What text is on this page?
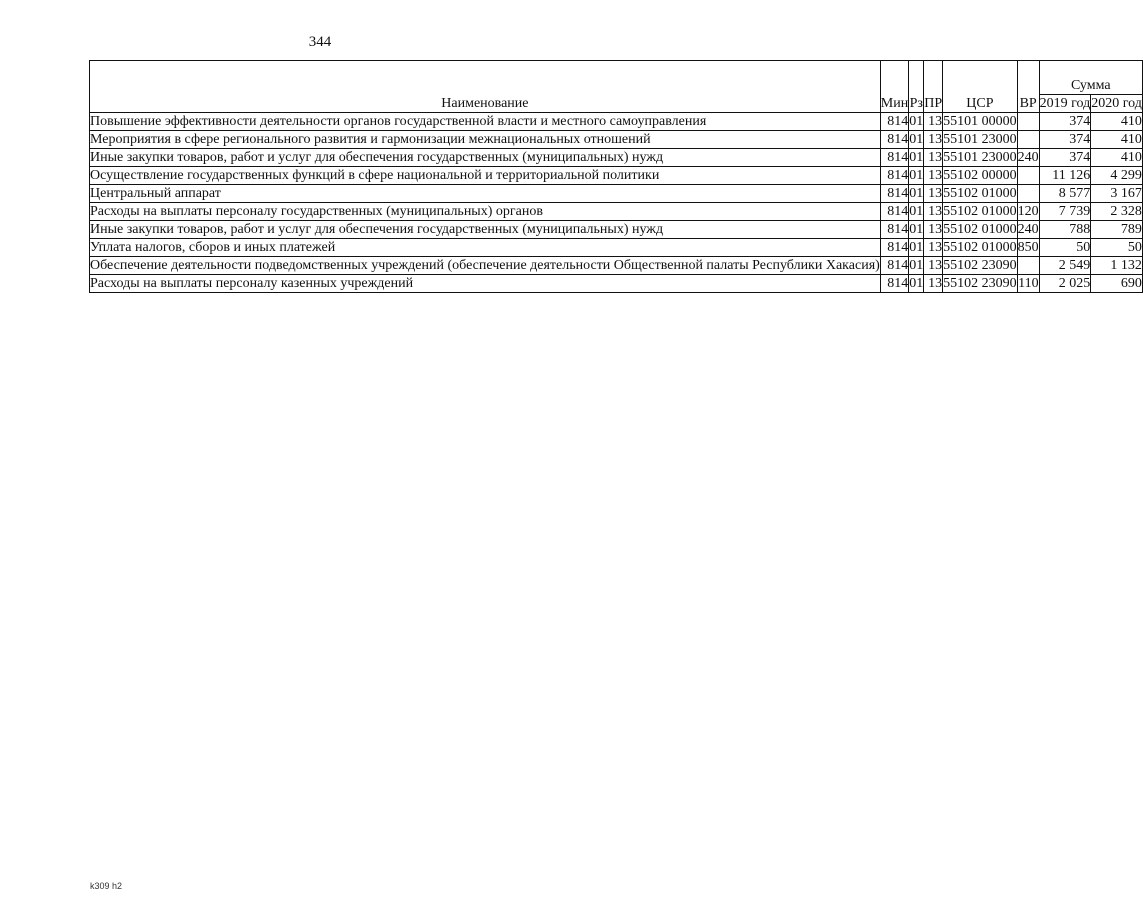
344
Наименование	Мин	Рз	ПР	ЦСР	ВР	Сумма	
						2019 год	2020 год
Повышение эффективности деятельности органов государственной власти и местного самоуправления	814	01	13	55101 00000		374	410
Мероприятия в сфере регионального развития и гармонизации межнациональных отношений	814	01	13	55101 23000		374	410
Иные закупки товаров, работ и услуг для обеспечения государственных (муниципальных) нужд	814	01	13	55101 23000	240	374	410
Осуществление государственных функций в сфере национальной и территориальной политики	814	01	13	55102 00000		11 126	4 299
Центральный аппарат	814	01	13	55102 01000		8 577	3 167
Расходы на выплаты персоналу государственных (муниципальных) органов	814	01	13	55102 01000	120	7 739	2 328
Иные закупки товаров, работ и услуг для обеспечения государственных (муниципальных) нужд	814	01	13	55102 01000	240	788	789
Уплата налогов, сборов и иных платежей	814	01	13	55102 01000	850	50	50
Обеспечение деятельности подведомственных учреждений (обеспечение деятельности Общественной палаты Республики Хакасия)	814	01	13	55102 23090		2 549	1 132
Расходы на выплаты персоналу казенных учреждений	814	01	13	55102 23090	110	2 025	690
k309 h2
